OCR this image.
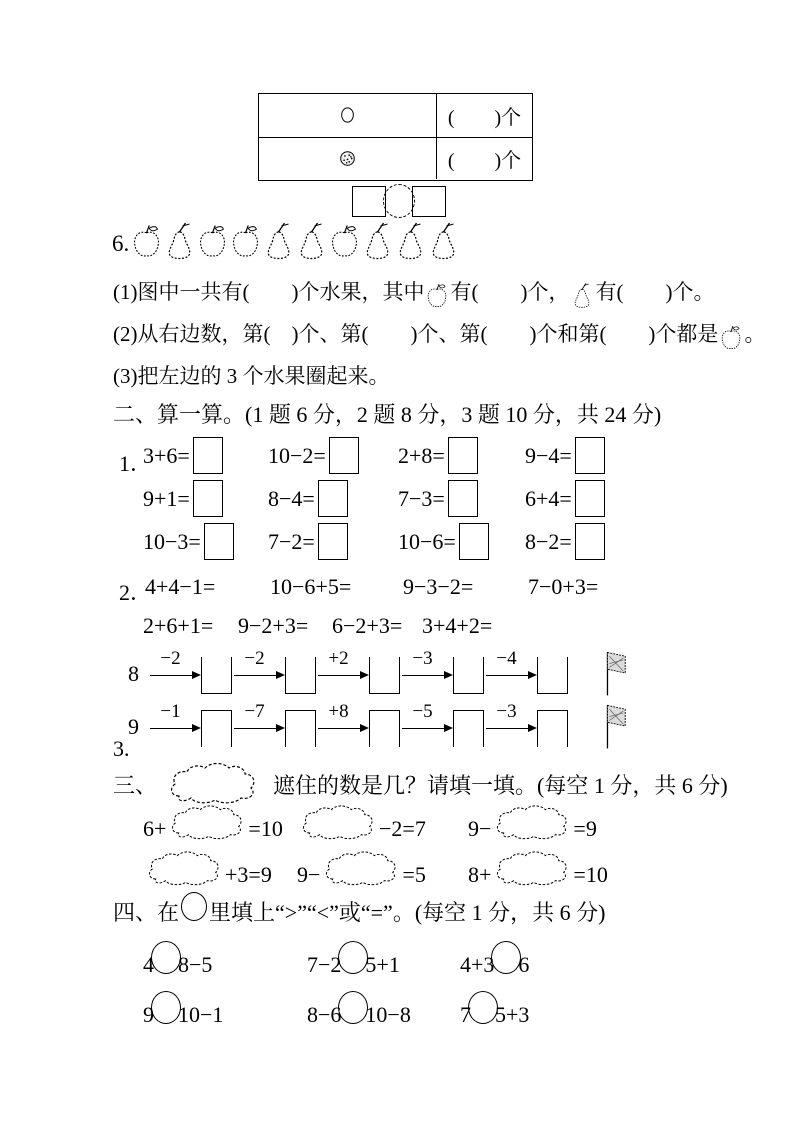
(　　)个
(　　)个
6.
(1)图中一共有(　　)个水果，其中 有(　　)个， 有(　　)个。
(2)从右边数，第(　)个、第(　　)个、第(　　)个和第(　　)个都是 。
(3)把左边的 3 个水果圈起来。
二、算一算。(1 题 6 分，2 题 8 分，3 题 10 分，共 24 分)
1．
3+6=	10−2=	2+8=	9−4=
9+1=	8−4=	7−3=	6+4=
10−3=	7−2=	10−6=	8−2=
2．
4+4−1=	10−6+5=	9−3−2=	7−0+3=
2+6+1=	9−2+3=	6−2+3= 3+4+2=
8
−2	−2	+2	−3	−4
9
−1	−7	+8	−5	−3
3.
三、	遮住的数是几？请填一填。(每空 1 分，共 6 分)
6+	=10	−2=7 9−	=9
+3=9 9−	=5 8+	=10
四、在 里填上“>”“<”或“=”。(每空 1 分，共 6 分)
4 8−5	7−2 5+1	4+3 6
9 10−1	8−6 10−8 7 5+3
